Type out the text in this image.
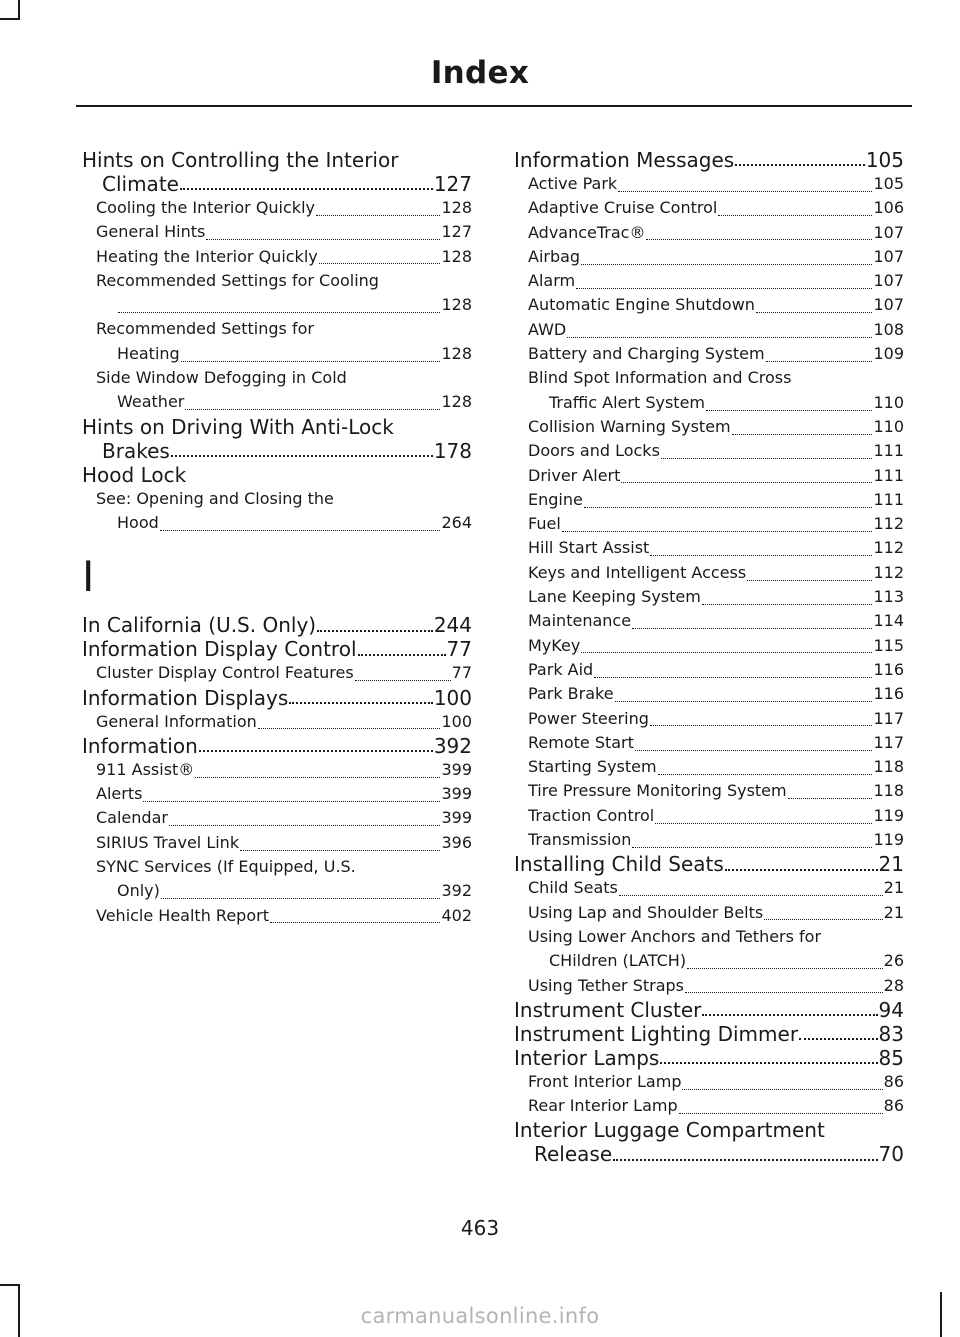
Index
Hints on Controlling the Interior
Climate	127
Cooling the Interior Quickly	128
General Hints	127
Heating the Interior Quickly	128
Recommended Settings for Cooling
128
Recommended Settings for
Heating	128
Side Window Defogging in Cold
Weather	128
Hints on Driving With Anti-Lock
Brakes	178
Hood Lock
See: Opening and Closing the
Hood	264
I
In California (U.S. Only)	244
Information Display Control	77
Cluster Display Control Features	77
Information Displays	100
General Information	100
Information	392
911 Assist®	399
Alerts	399
Calendar	399
SIRIUS Travel Link	396
SYNC Services (If Equipped, U.S.
Only)	392
Vehicle Health Report	402
Information Messages	105
Active Park	105
Adaptive Cruise Control	106
AdvanceTrac®	107
Airbag	107
Alarm	107
Automatic Engine Shutdown	107
AWD	108
Battery and Charging System	109
Blind Spot Information and Cross
Traffic Alert System	110
Collision Warning System	110
Doors and Locks	111
Driver Alert	111
Engine	111
Fuel	112
Hill Start Assist	112
Keys and Intelligent Access	112
Lane Keeping System	113
Maintenance	114
MyKey	115
Park Aid	116
Park Brake	116
Power Steering	117
Remote Start	117
Starting System	118
Tire Pressure Monitoring System	118
Traction Control	119
Transmission	119
Installing Child Seats	21
Child Seats	21
Using Lap and Shoulder Belts	21
Using Lower Anchors and Tethers for
CHildren (LATCH)	26
Using Tether Straps	28
Instrument Cluster	94
Instrument Lighting Dimmer	83
Interior Lamps	85
Front Interior Lamp	86
Rear Interior Lamp	86
Interior Luggage Compartment
Release	70
463
carmanualsonline.info
